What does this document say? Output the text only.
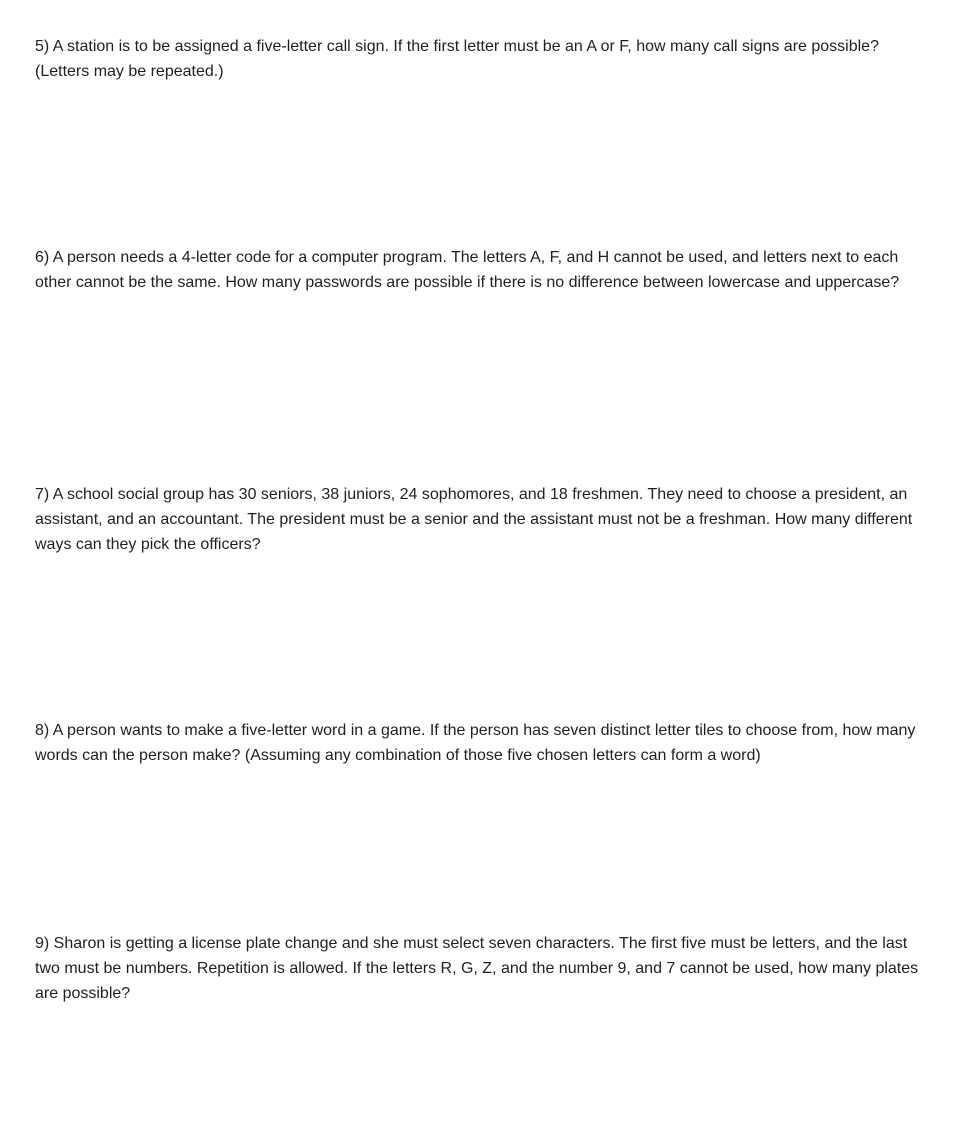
5) A station is to be assigned a five-letter call sign. If the first letter must be an A or F, how many call signs are possible?(Letters may be repeated.)

6) A person needs a 4-letter code for a computer program. The letters A, F, and H cannot be used, and letters next to each other cannot be the same. How many passwords are possible if there is no difference between lowercase and uppercase?

7) A school social group has 30 seniors, 38 juniors, 24 sophomores, and 18 freshmen. They need to choose a president, an assistant, and an accountant. The president must be a senior and the assistant must not be a freshman. How many different ways can they pick the officers?

8) A person wants to make a five-letter word in a game. If the person has seven distinct letter tiles to choose from, how many words can the person make? (Assuming any combination of those five chosen letters can form a word)

9) Sharon is getting a license plate change and she must select seven characters. The first five must be letters, and the last two must be numbers. Repetition is allowed. If the letters R, G, Z, and the number 9, and 7 cannot be used, how many plates are possible?
